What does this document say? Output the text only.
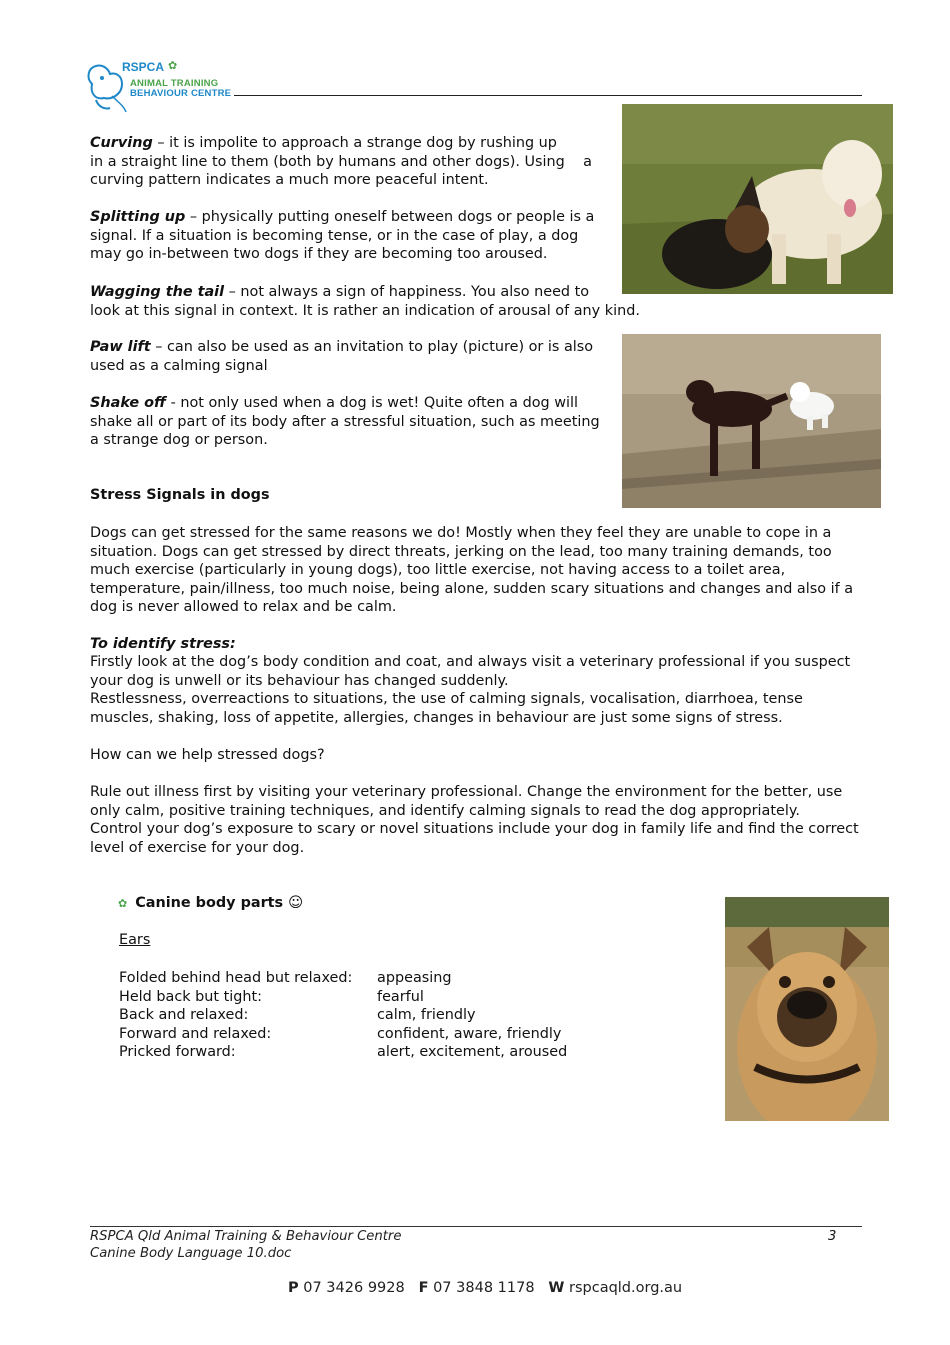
RSPCA ✿
ANIMAL TRAINING
BEHAVIOUR CENTRE

Curving – it is impolite to approach a strange dog by rushing up

in a straight line to them (both by humans and other dogs). Using    a

curving pattern indicates a much more peaceful intent.

Splitting up – physically putting oneself between dogs or people is a

signal. If a situation is becoming tense, or in the case of play, a dog

may go in-between two dogs if they are becoming too aroused.

Wagging the tail – not always a sign of happiness. You also need to

look at this signal in context. It is rather an indication of arousal of any kind.

Paw lift – can also be used as an invitation to play (picture) or is also

used as a calming signal

Shake off - not only used when a dog is wet! Quite often a dog will

shake all or part of its body after a stressful situation, such as meeting

a strange dog or person.

Stress Signals in dogs

Dogs can get stressed for the same reasons we do! Mostly when they feel they are unable to cope in a

situation. Dogs can get stressed by direct threats, jerking on the lead, too many training demands, too

much exercise (particularly in young dogs), too little exercise, not having access to a toilet area,

temperature, pain/illness, too much noise, being alone, sudden scary situations and changes and also if a

dog is never allowed to relax and be calm.

To identify stress:

Firstly look at the dog’s body condition and coat, and always visit a veterinary professional if you suspect

your dog is unwell or its behaviour has changed suddenly.

Restlessness, overreactions to situations, the use of calming signals, vocalisation, diarrhoea, tense

muscles, shaking, loss of appetite, allergies, changes in behaviour are just some signs of stress.

How can we help stressed dogs?

Rule out illness first by visiting your veterinary professional. Change the environment for the better, use

only calm, positive training techniques, and identify calming signals to read the dog appropriately.

Control your dog’s exposure to scary or novel situations include your dog in family life and find the correct

level of exercise for your dog.

✿ Canine body parts ☺
Ears
Folded behind head but relaxed: appeasing
Held back but tight:	fearful
Back and relaxed:	calm, friendly
Forward and relaxed:	confident, aware, friendly
Pricked forward:	alert, excitement, aroused
RSPCA Qld Animal Training & Behaviour Centre
Canine Body Language 10.doc
3
P 07 3426 9928 F 07 3848 1178 W rspcaqld.org.au
